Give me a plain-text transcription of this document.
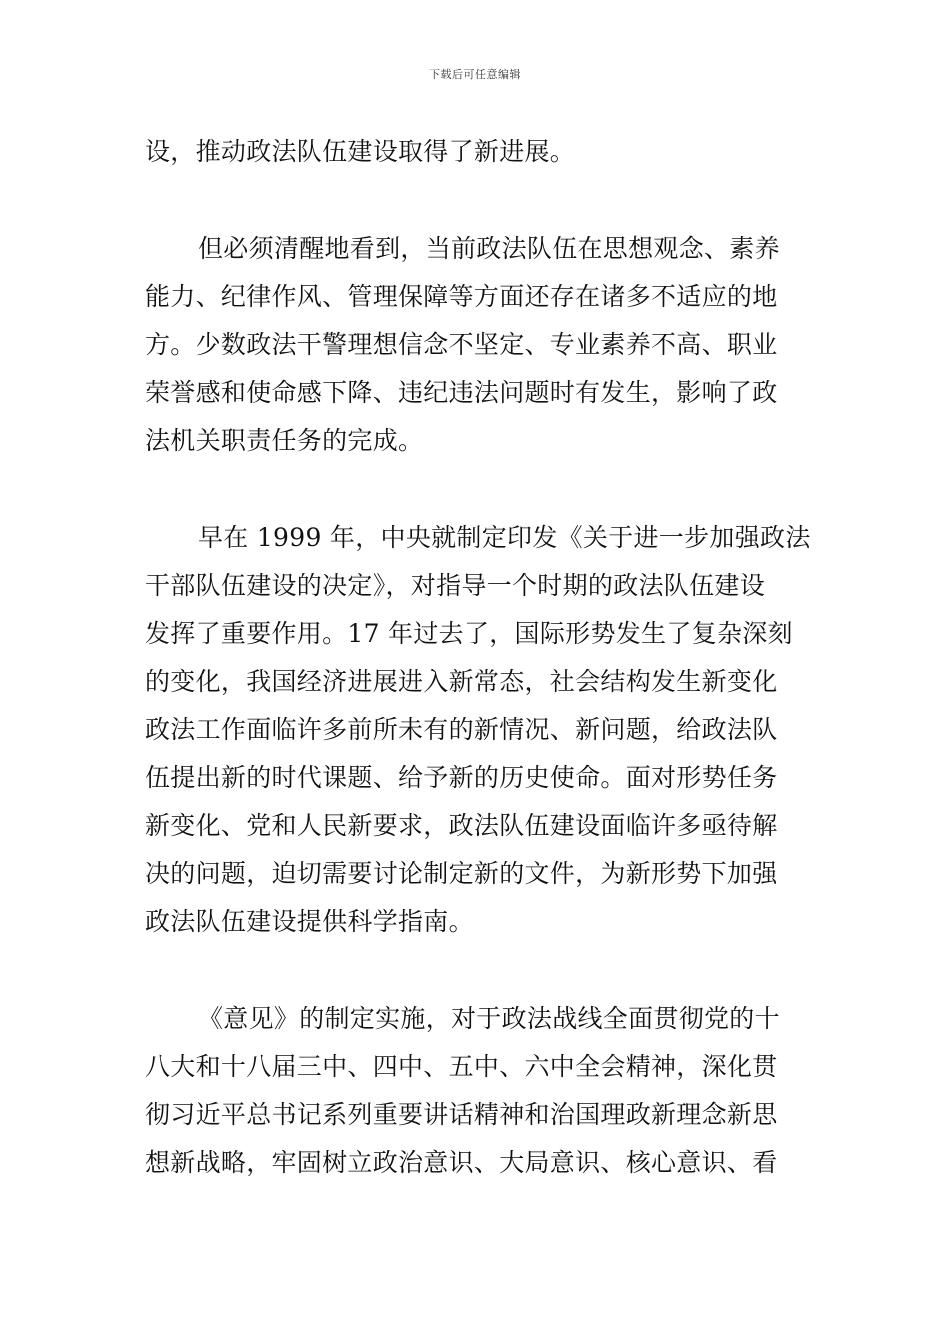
下载后可任意编辑
设，推动政法队伍建设取得了新进展。
但必须清醒地看到，当前政法队伍在思想观念、素养
能力、纪律作风、管理保障等方面还存在诸多不适应的地
方。少数政法干警理想信念不坚定、专业素养不高、职业
荣誉感和使命感下降、违纪违法问题时有发生，影响了政
法机关职责任务的完成。
早在 1999 年，中央就制定印发《关于进一步加强政法
干部队伍建设的决定》，对指导一个时期的政法队伍建设
发挥了重要作用。17 年过去了，国际形势发生了复杂深刻
的变化，我国经济进展进入新常态，社会结构发生新变化
政法工作面临许多前所未有的新情况、新问题，给政法队
伍提出新的时代课题、给予新的历史使命。面对形势任务
新变化、党和人民新要求，政法队伍建设面临许多亟待解
决的问题，迫切需要讨论制定新的文件，为新形势下加强
政法队伍建设提供科学指南。
《意见》的制定实施，对于政法战线全面贯彻党的十
八大和十八届三中、四中、五中、六中全会精神，深化贯
彻习近平总书记系列重要讲话精神和治国理政新理念新思
想新战略，牢固树立政治意识、大局意识、核心意识、看
